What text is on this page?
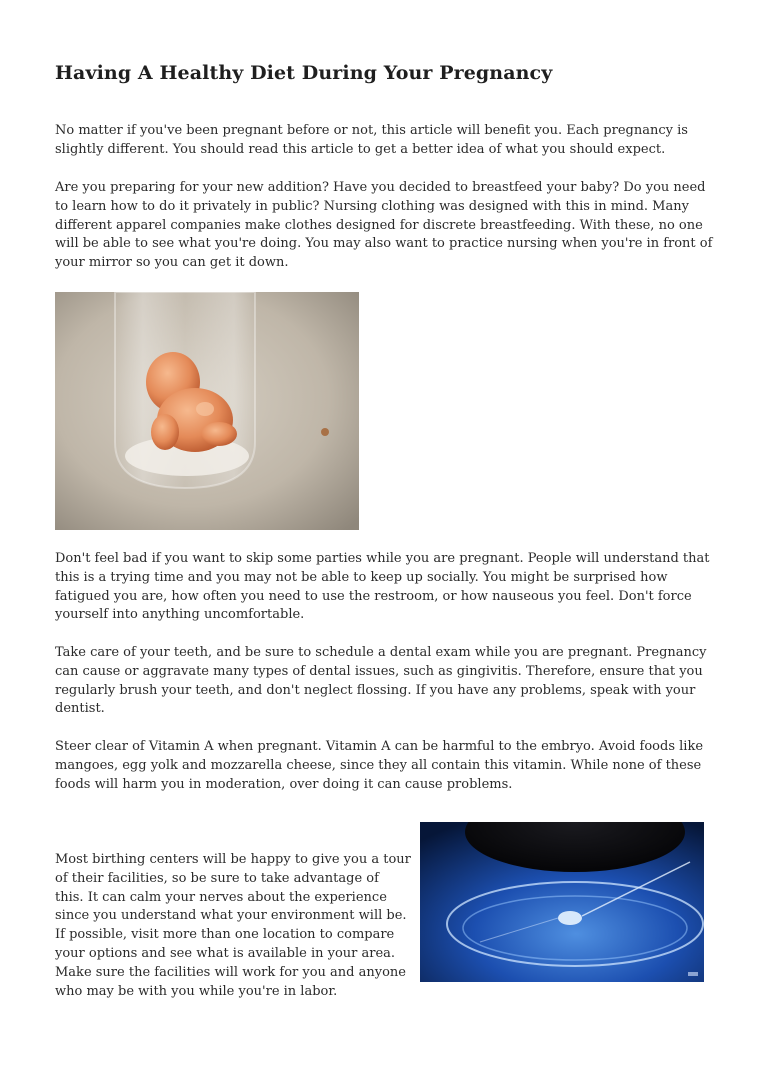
Having A Healthy Diet During Your Pregnancy

No matter if you've been pregnant before or not, this article will benefit you. Each pregnancy is slightly different. You should read this article to get a better idea of what you should expect.

Are you preparing for your new addition? Have you decided to breastfeed your baby? Do you need to learn how to do it privately in public? Nursing clothing was designed with this in mind. Many different apparel companies make clothes designed for discrete breastfeeding. With these, no one will be able to see what you're doing. You may also want to practice nursing when you're in front of your mirror so you can get it down.

Don't feel bad if you want to skip some parties while you are pregnant. People will understand that this is a trying time and you may not be able to keep up socially. You might be surprised how fatigued you are, how often you need to use the restroom, or how nauseous you feel. Don't force yourself into anything uncomfortable.

Take care of your teeth, and be sure to schedule a dental exam while you are pregnant. Pregnancy can cause or aggravate many types of dental issues, such as gingivitis. Therefore, ensure that you regularly brush your teeth, and don't neglect flossing. If you have any problems, speak with your dentist.

Steer clear of Vitamin A when pregnant. Vitamin A can be harmful to the embryo. Avoid foods like mangoes, egg yolk and mozzarella cheese, since they all contain this vitamin. While none of these foods will harm you in moderation, over doing it can cause problems.

Most birthing centers will be happy to give you a tour of their facilities, so be sure to take advantage of this. It can calm your nerves about the experience since you understand what your environment will be. If possible, visit more than one location to compare your options and see what is available in your area. Make sure the facilities will work for you and anyone who may be with you while you're in labor.
